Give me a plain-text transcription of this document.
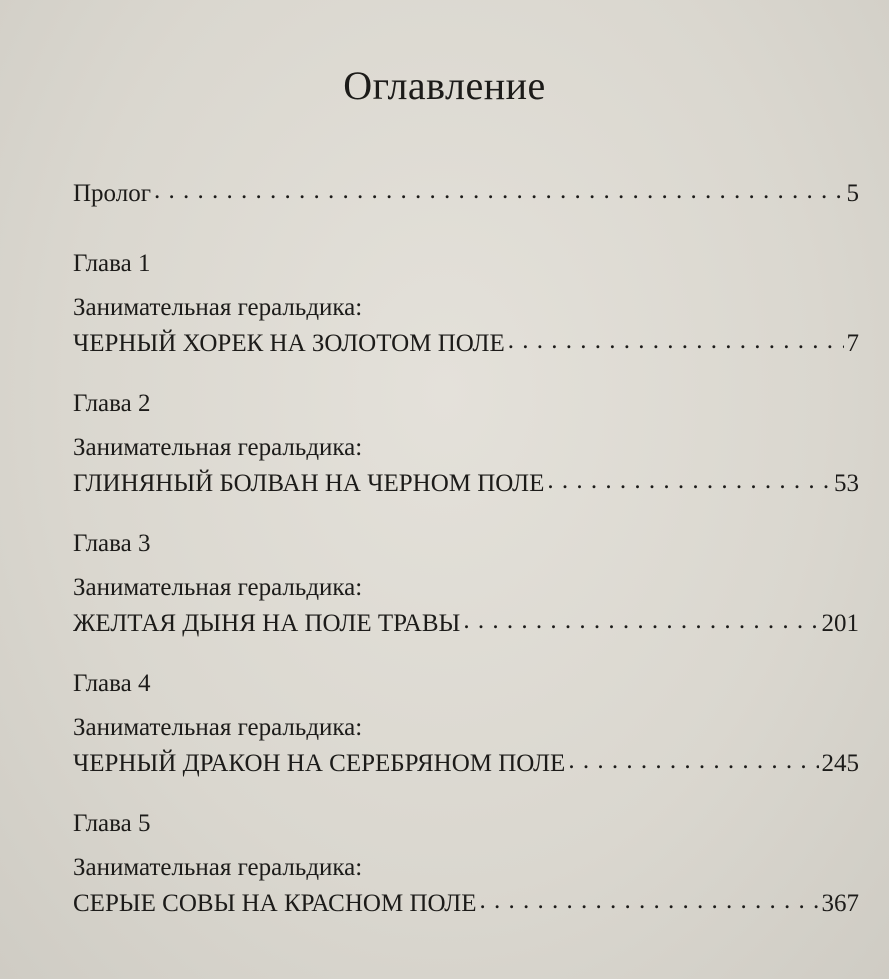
Оглавление
Пролог . . .	5
Глава 1
Занимательная геральдика:
ЧЕРНЫЙ ХОРЕК НА ЗОЛОТОМ ПОЛЕ . . .	7
Глава 2
Занимательная геральдика:
ГЛИНЯНЫЙ БОЛВАН НА ЧЕРНОМ ПОЛЕ . . .	53
Глава 3
Занимательная геральдика:
ЖЕЛТАЯ ДЫНЯ НА ПОЛЕ ТРАВЫ . . .	201
Глава 4
Занимательная геральдика:
ЧЕРНЫЙ ДРАКОН НА СЕРЕБРЯНОМ ПОЛЕ . . .	245
Глава 5
Занимательная геральдика:
СЕРЫЕ СОВЫ НА КРАСНОМ ПОЛЕ . . .	367
